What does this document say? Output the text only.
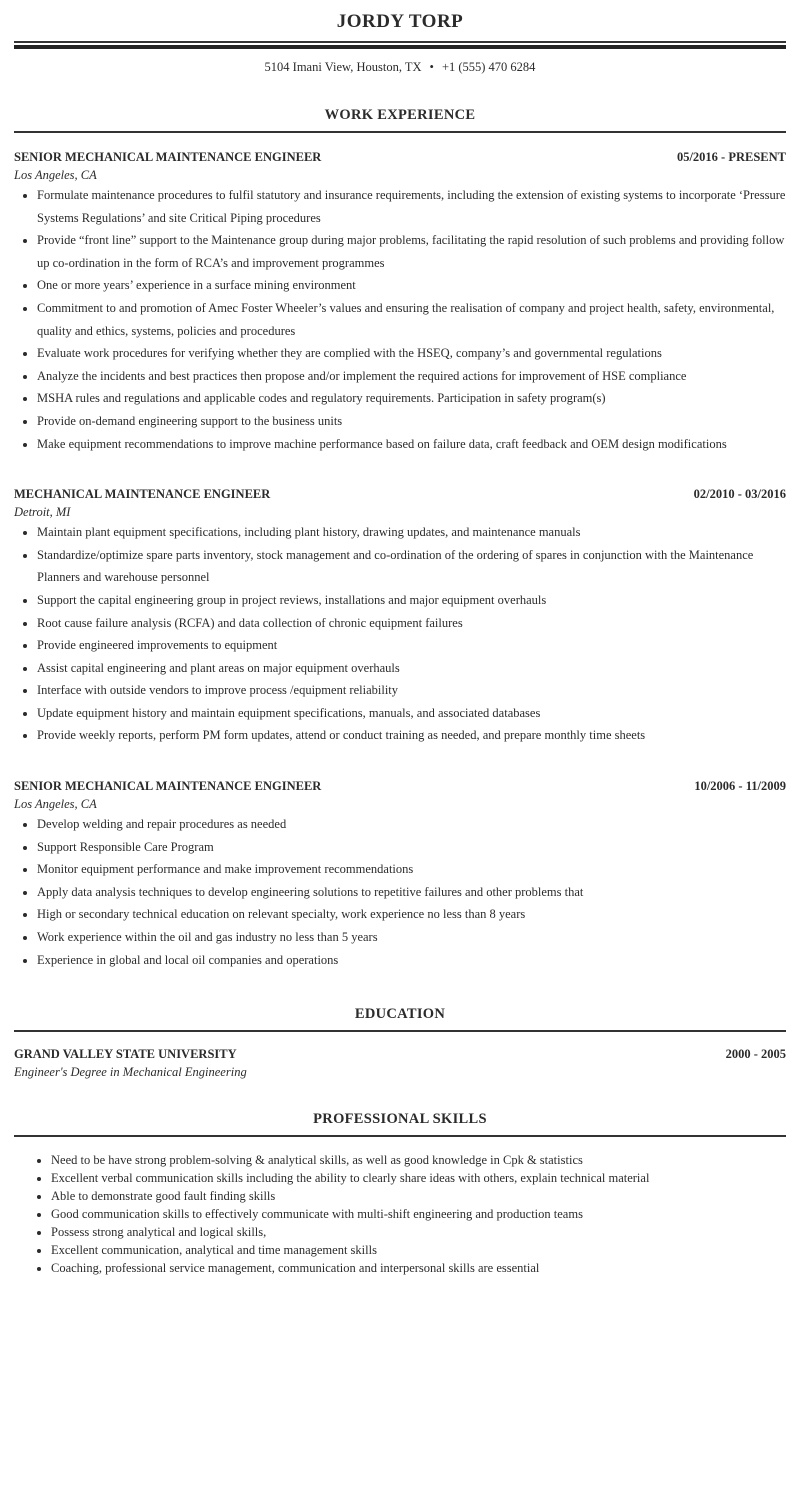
JORDY TORP
5104 Imani View, Houston, TX • +1 (555) 470 6284
WORK EXPERIENCE
SENIOR MECHANICAL MAINTENANCE ENGINEER	05/2016 - PRESENT
Los Angeles, CA
• Formulate maintenance procedures to fulfil statutory and insurance requirements, including the extension of existing systems to incorporate ‘Pressure Systems Regulations’ and site Critical Piping procedures
• Provide “front line” support to the Maintenance group during major problems, facilitating the rapid resolution of such problems and providing follow up co-ordination in the form of RCA’s and improvement programmes
• One or more years’ experience in a surface mining environment
• Commitment to and promotion of Amec Foster Wheeler’s values and ensuring the realisation of company and project health, safety, environmental, quality and ethics, systems, policies and procedures
• Evaluate work procedures for verifying whether they are complied with the HSEQ, company’s and governmental regulations
• Analyze the incidents and best practices then propose and/or implement the required actions for improvement of HSE compliance
• MSHA rules and regulations and applicable codes and regulatory requirements. Participation in safety program(s)
• Provide on-demand engineering support to the business units
• Make equipment recommendations to improve machine performance based on failure data, craft feedback and OEM design modifications
MECHANICAL MAINTENANCE ENGINEER	02/2010 - 03/2016
Detroit, MI
• Maintain plant equipment specifications, including plant history, drawing updates, and maintenance manuals
• Standardize/optimize spare parts inventory, stock management and co-ordination of the ordering of spares in conjunction with the Maintenance Planners and warehouse personnel
• Support the capital engineering group in project reviews, installations and major equipment overhauls
• Root cause failure analysis (RCFA) and data collection of chronic equipment failures
• Provide engineered improvements to equipment
• Assist capital engineering and plant areas on major equipment overhauls
• Interface with outside vendors to improve process /equipment reliability
• Update equipment history and maintain equipment specifications, manuals, and associated databases
• Provide weekly reports, perform PM form updates, attend or conduct training as needed, and prepare monthly time sheets
SENIOR MECHANICAL MAINTENANCE ENGINEER	10/2006 - 11/2009
Los Angeles, CA
• Develop welding and repair procedures as needed
• Support Responsible Care Program
• Monitor equipment performance and make improvement recommendations
• Apply data analysis techniques to develop engineering solutions to repetitive failures and other problems that
• High or secondary technical education on relevant specialty, work experience no less than 8 years
• Work experience within the oil and gas industry no less than 5 years
• Experience in global and local oil companies and operations
EDUCATION
GRAND VALLEY STATE UNIVERSITY	2000 - 2005
Engineer's Degree in Mechanical Engineering
PROFESSIONAL SKILLS
• Need to be have strong problem-solving & analytical skills, as well as good knowledge in Cpk & statistics
• Excellent verbal communication skills including the ability to clearly share ideas with others, explain technical material
• Able to demonstrate good fault finding skills
• Good communication skills to effectively communicate with multi-shift engineering and production teams
• Possess strong analytical and logical skills,
• Excellent communication, analytical and time management skills
• Coaching, professional service management, communication and interpersonal skills are essential
